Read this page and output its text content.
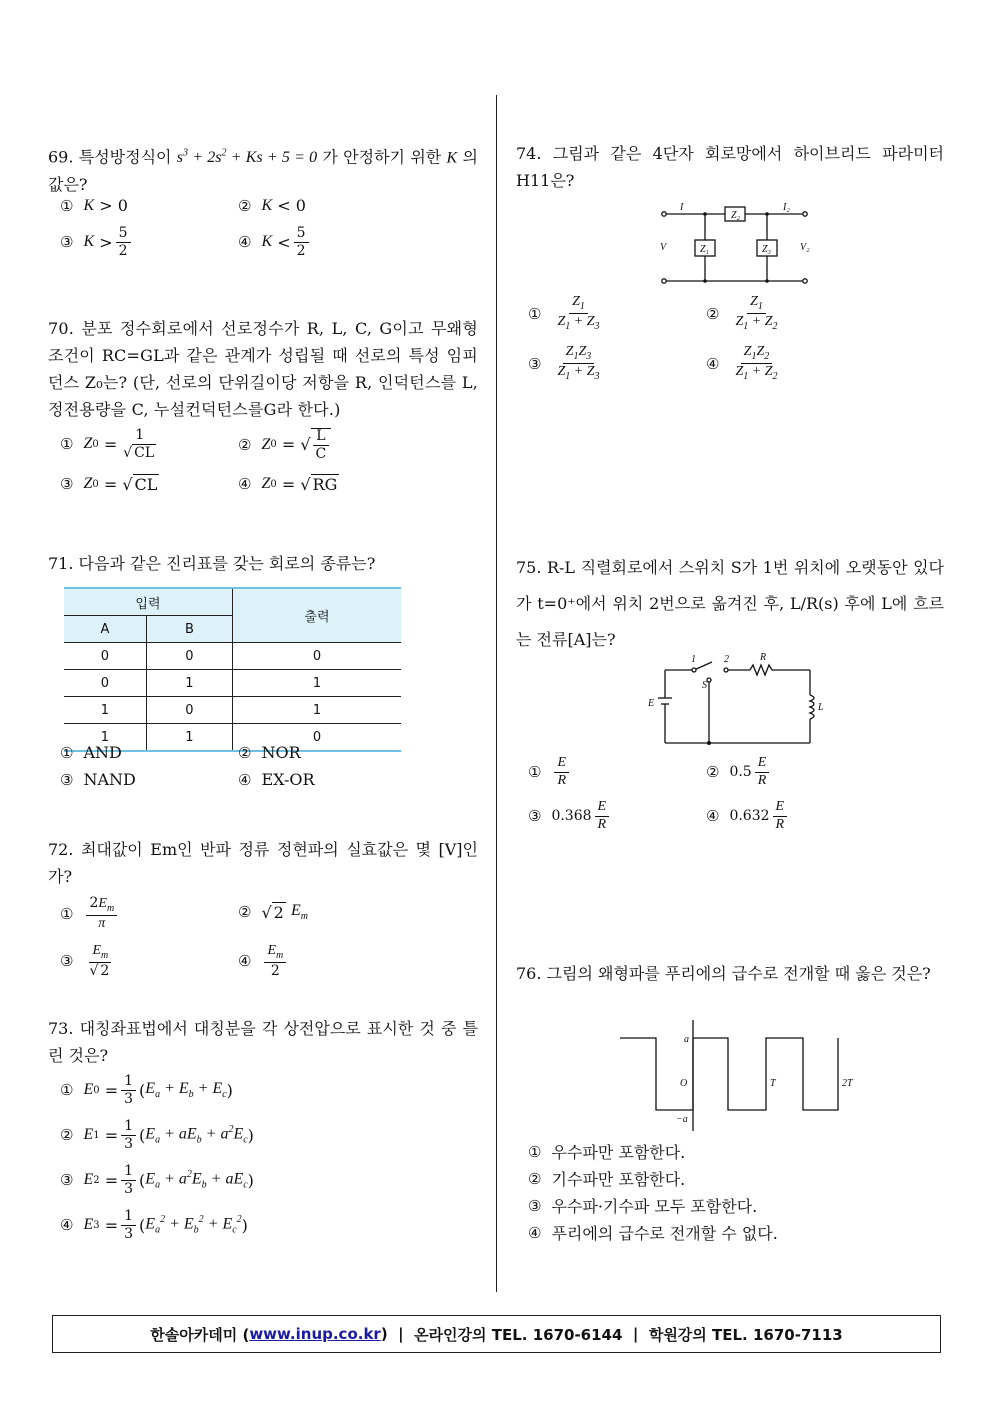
69. 특성방정식이 $s^3 + 2s^2 + Ks + 5 = 0$ 가 안정하기 위한 K 의 값은?
① K > 0	② K < 0
③ $K > \frac{5}{2}$	④ $K < \frac{5}{2}$
70. 분포 정수회로에서 선로정수가 R, L, C, G이고 무왜형 조건이 RC=GL과 같은 관계가 성립될 때 선로의 특성 임피던스 Z₀는? (단, 선로의 단위길이당 저항을 R, 인덕턴스를 L, 정전용량을 C, 누설컨덕턴스를G라 한다.)
① Z $0 = \frac{1}{√ CL}$	② Z 0 = √ $\frac{L}{C}$
③ Z 0 = √ CL	④ Z 0 = √ RG
71. 다음과 같은 진리표를 갖는 회로의 종류는?
입력		출력
A	B	
0	0	0
0	1	1
1	0	1
1	1	0
① AND	② NOR
③ NAND	④ EX-OR
72. 최대값이 Em인 반파 정류 정현파의 실효값은 몇 [V]인가?
① $\frac{2E_m}{\pi}$	② √ 2
$E_m$
③ $\frac{E_m}{√ 2}$	④ $\frac{E_m}{2}$
73. 대칭좌표법에서 대칭분을 각 상전압으로 표시한 것 중 틀린 것은?
① E $0 = \frac{1}{3}$ ( $E_a + E_b + E_c$ )
② E $1 = \frac{1}{3}$ ( $E_a + aE_b + a^2E_c$ )
③ E $2 = \frac{1}{3}$ ( $E_a + a^2E_b + aE_c$ )
④ E $3 = \frac{1}{3}$ ( $E_a^2 + E_b^2 + E_c^2$ )
74. 그림과 같은 4단자 회로망에서 하이브리드 파라미터 H11은?
I	I₂
Z₂
Z₁	Z₃
V	V₂
① $\frac{Z_1}{Z_1 + Z_3}$	② $\frac{Z_1}{Z_1 + Z_2}$
③ $\frac{Z_1Z_3}{Z_1 + Z_3}$	④ $\frac{Z_1Z_2}{Z_1 + Z_2}$
75. R-L 직렬회로에서 스위치 S가 1번 위치에 오랫동안 있다가 t=0⁺에서 위치 2번으로 옮겨진 후, L/R(s) 후에 L에 흐르는 전류[A]는?
1	2	R
L
E
S
① $\frac{E}{R}$	② $0.5 \frac{E}{R}$
③ $0.368 \frac{E}{R}$	④ $0.632 \frac{E}{R}$
76. 그림의 왜형파를 푸리에의 급수로 전개할 때 옳은 것은?
a
O
−a
T	2T
① 우수파만 포함한다.
② 기수파만 포함한다.
③ 우수파·기수파 모두 포함한다.
④ 푸리에의 급수로 전개할 수 없다.
한솔아카데미 ( www.inup.co.kr )
|
온라인강의 TEL. 1670-6144
|
학원강의 TEL. 1670-7113
